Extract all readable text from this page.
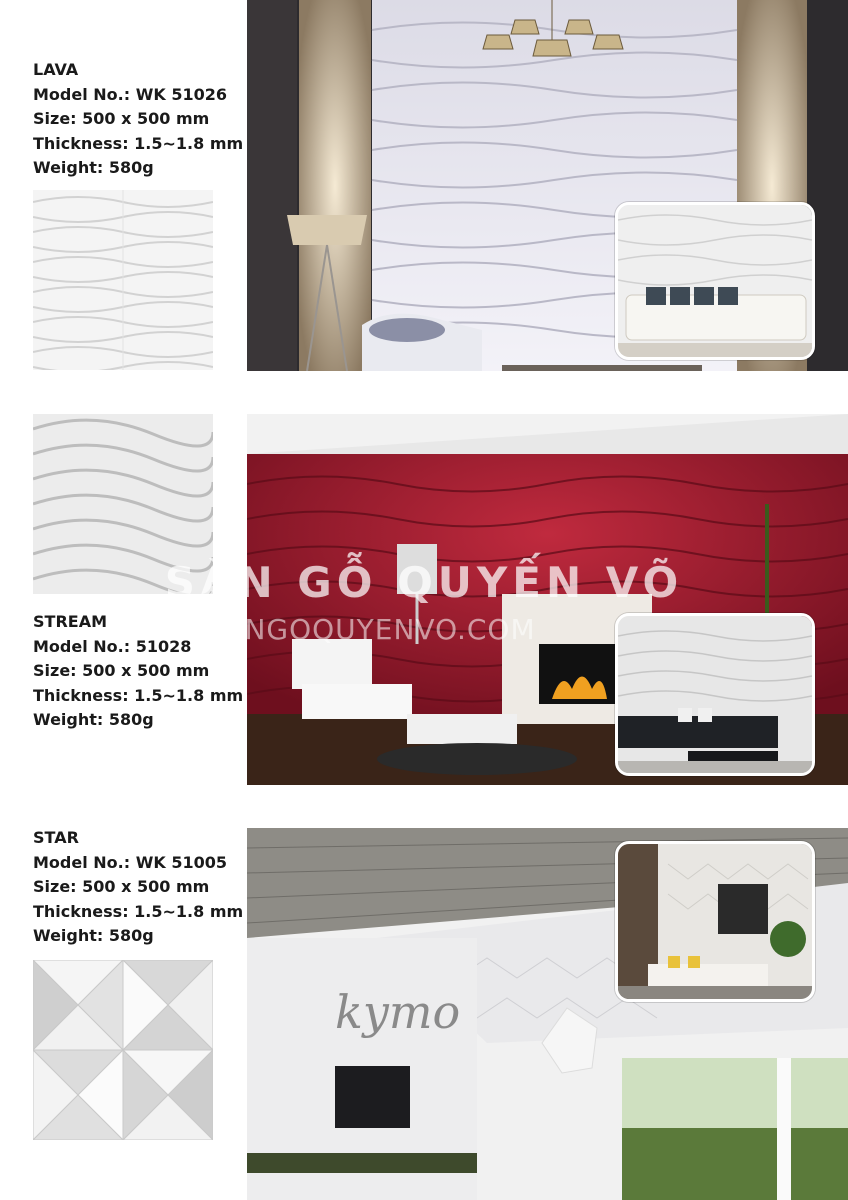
LAVA
Model No.: WK 51026
Size: 500 x 500 mm
Thickness: 1.5~1.8 mm
Weight: 580g
STREAM
Model No.: 51028
Size: 500 x 500 mm
Thickness: 1.5~1.8 mm
Weight: 580g
SÀN GỖ QUYẾN VÕ
SANGOQUYENVO.COM
STAR
Model No.: WK 51005
Size: 500 x 500 mm
Thickness: 1.5~1.8 mm
Weight: 580g
kymo
